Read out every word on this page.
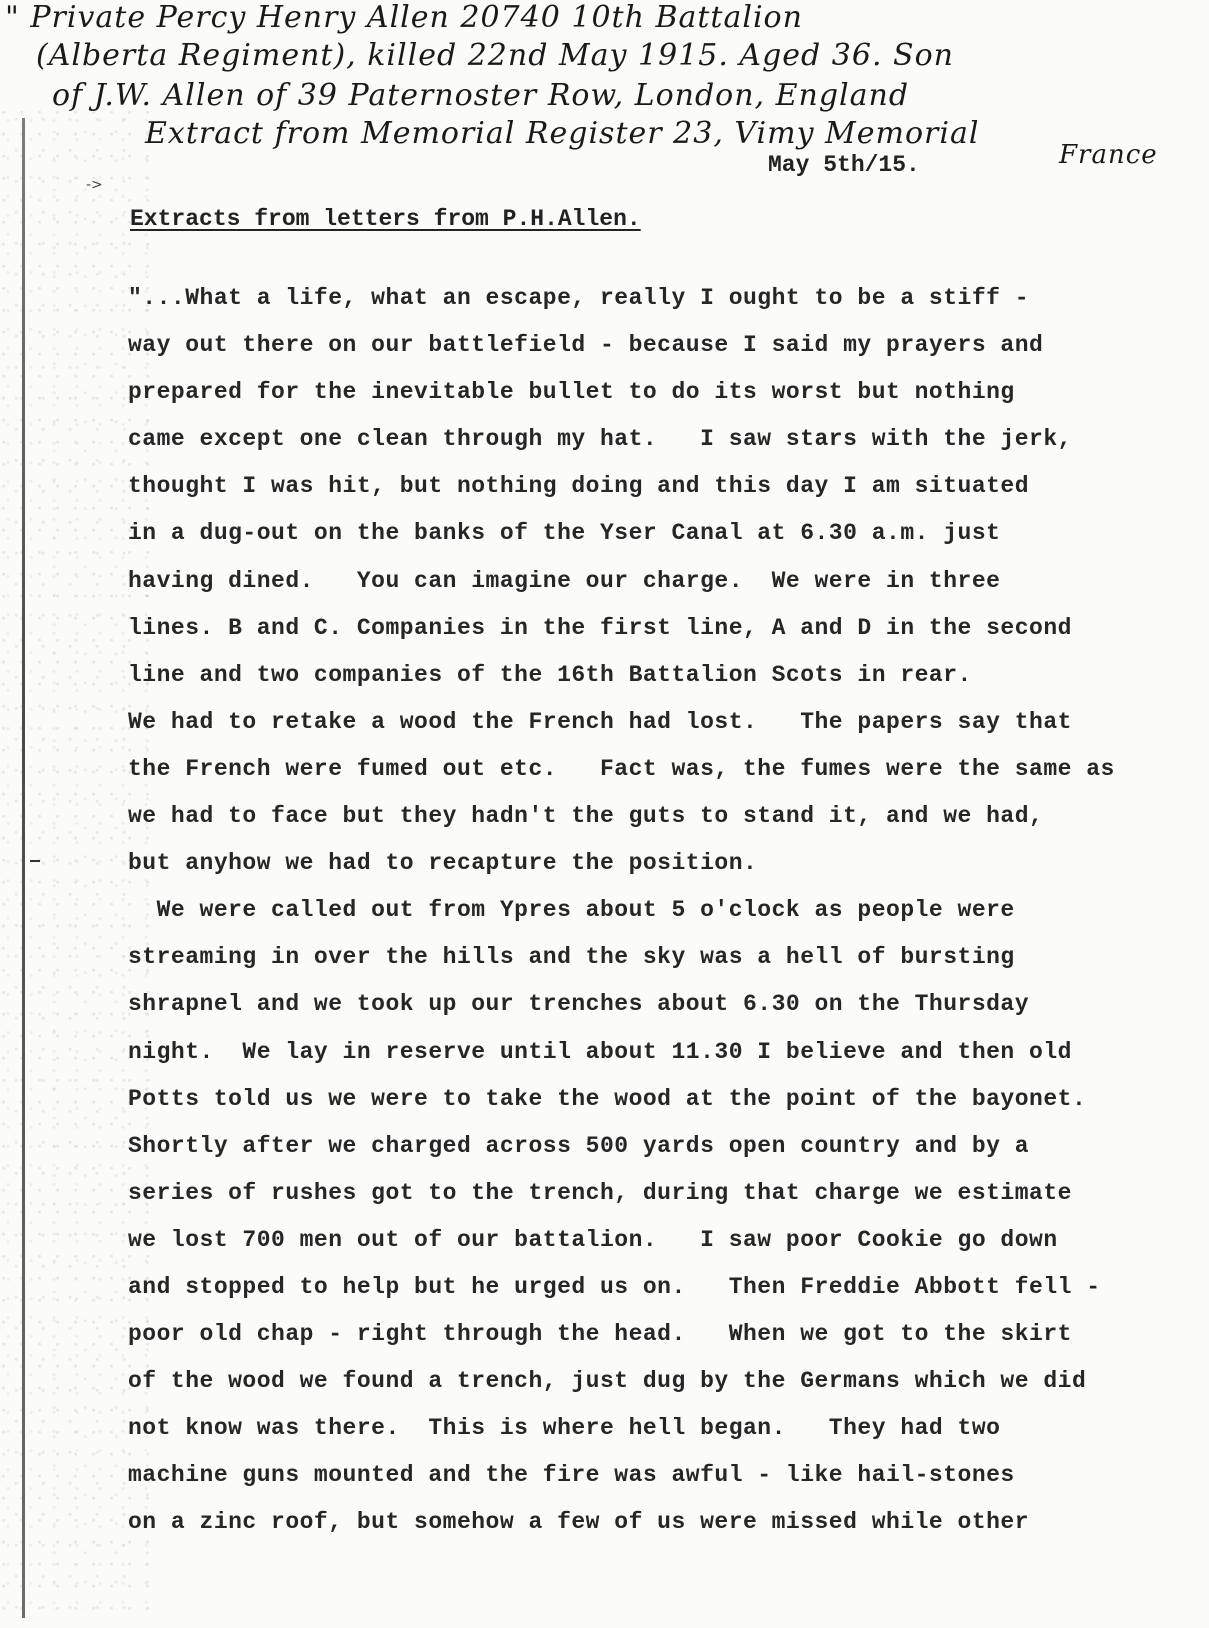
" Private Percy Henry Allen 20740 10th Battalion
(Alberta Regiment), killed 22nd May 1915. Aged 36. Son
of J.W. Allen of 39 Paternoster Row, London, England
Extract from Memorial Register 23, Vimy Memorial
France
->
May 5th/15.
Extracts from letters from P.H.Allen.
"...What a life, what an escape, really I ought to be a stiff -
way out there on our battlefield - because I said my prayers and
prepared for the inevitable bullet to do its worst but nothing
came except one clean through my hat.   I saw stars with the jerk,
thought I was hit, but nothing doing and this day I am situated
in a dug-out on the banks of the Yser Canal at 6.30 a.m. just
having dined.   You can imagine our charge.  We were in three
lines. B and C. Companies in the first line, A and D in the second
line and two companies of the 16th Battalion Scots in rear.
We had to retake a wood the French had lost.   The papers say that
the French were fumed out etc.   Fact was, the fumes were the same as
we had to face but they hadn't the guts to stand it, and we had,
but anyhow we had to recapture the position.
We were called out from Ypres about 5 o'clock as people were
streaming in over the hills and the sky was a hell of bursting
shrapnel and we took up our trenches about 6.30 on the Thursday
night.  We lay in reserve until about 11.30 I believe and then old
Potts told us we were to take the wood at the point of the bayonet.
Shortly after we charged across 500 yards open country and by a
series of rushes got to the trench, during that charge we estimate
we lost 700 men out of our battalion.   I saw poor Cookie go down
and stopped to help but he urged us on.   Then Freddie Abbott fell -
poor old chap - right through the head.   When we got to the skirt
of the wood we found a trench, just dug by the Germans which we did
not know was there.  This is where hell began.   They had two
machine guns mounted and the fire was awful - like hail-stones
on a zinc roof, but somehow a few of us were missed while other
